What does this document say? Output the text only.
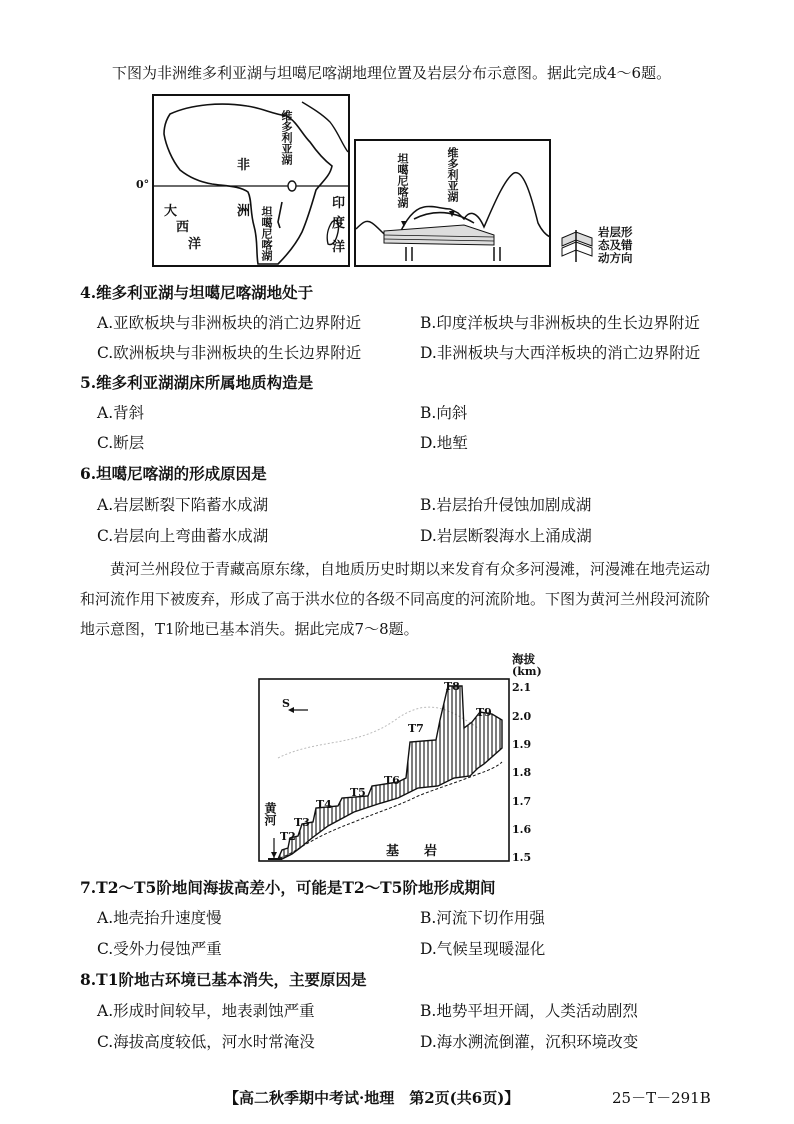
下图为非洲维多利亚湖与坦噶尼喀湖地理位置及岩层分布示意图。据此完成4～6题。
非
洲
大
西
洋
印
度
洋
维多利亚湖
坦噶尼喀湖
0°	坦噶尼喀湖	维多利亚湖
岩层形态及错动方向
4.维多利亚湖与坦噶尼喀湖地处于
A.亚欧板块与非洲板块的消亡边界附近	B.印度洋板块与非洲板块的生长边界附近
C.欧洲板块与非洲板块的生长边界附近	D.非洲板块与大西洋板块的消亡边界附近
5.维多利亚湖湖床所属地质构造是
A.背斜	B.向斜
C.断层	D.地堑
6.坦噶尼喀湖的形成原因是
A.岩层断裂下陷蓄水成湖	B.岩层抬升侵蚀加剧成湖
C.岩层向上弯曲蓄水成湖	D.岩层断裂海水上涌成湖
黄河兰州段位于青藏高原东缘，自地质历史时期以来发育有众多河漫滩，河漫滩在地壳运动和河流作用下被废弃，形成了高于洪水位的各级不同高度的河流阶地。下图为黄河兰州段河流阶地示意图，T1阶地已基本消失。据此完成7～8题。
S
黄河
基 岩
T2
T3
T4
T5
T6
T7
T8
T9
海拔
(km)
2.1
2.0
1.9
1.8
1.7
1.6
1.5
7.T2～T5阶地间海拔高差小，可能是T2～T5阶地形成期间
A.地壳抬升速度慢	B.河流下切作用强
C.受外力侵蚀严重	D.气候呈现暖湿化
8.T1阶地古环境已基本消失，主要原因是
A.形成时间较早，地表剥蚀严重	B.地势平坦开阔，人类活动剧烈
C.海拔高度较低，河水时常淹没	D.海水溯流倒灌，沉积环境改变
【高二秋季期中考试·地理　第2页(共6页)】	25－T－291B
